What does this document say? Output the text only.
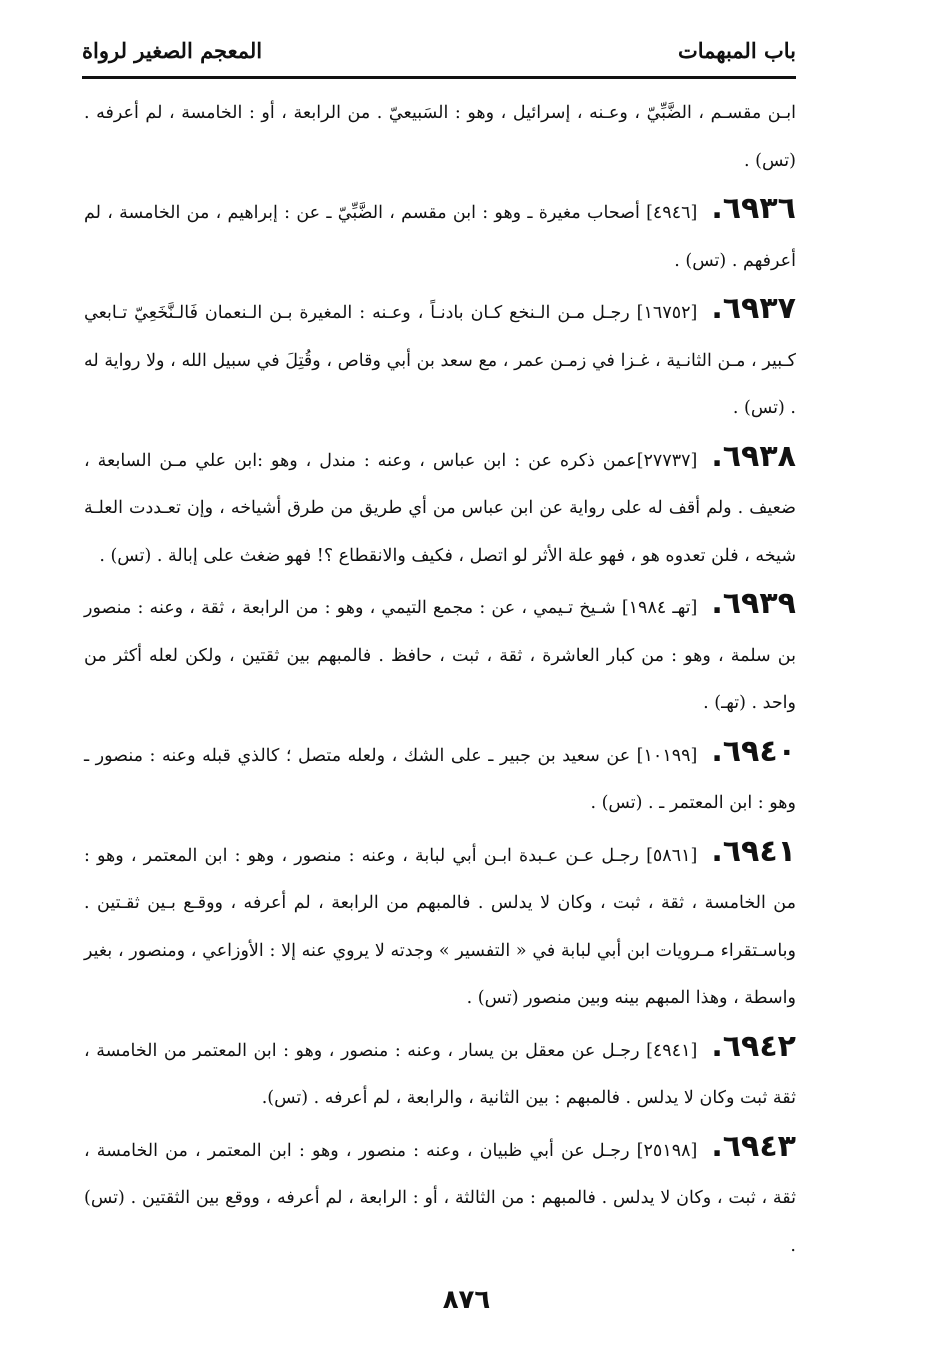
باب المبهمات
المعجم الصغير لرواة

ابـن مقسـم ، الضَّبِّيّ ، وعـنه ، إسرائيل ، وهو : السَبيعيّ . من الرابعة ، أو : الخامسة ، لم أعرفه . (تس) .

٦٩٣٦.[٤٩٤٦] أصحاب مغيرة ـ وهو : ابن مقسم ، الضَّبِّيّ ـ عن : إبراهيم ، من الخامسة ، لم أعرفهم . (تس) .

٦٩٣٧.[١٦٧٥٢] رجـل مـن الـنخع كـان بادنـاً ، وعـنه : المغيرة بـن الـنعمان فَالـنَّخَعِيّ تـابعي كـبير ، مـن الثانـية ، غـزا في زمـن عمر ، مع سعد بن أبي وقاص ، وقُتِلَ في سبيل الله ، ولا رواية له . (تس) .

٦٩٣٨.[٢٧٧٣٧]عمن ذكره عن : ابن عباس ، وعنه : مندل ، وهو :ابن علي مـن السابعة ، ضعيف . ولم أقف له على رواية عن ابن عباس من أي طريق من طرق أشياخه ، وإن تعـددت العلـة شيخه ، فلن تعدوه هو ، فهو علة الأثر لو اتصل ، فكيف والانقطاع ؟! فهو ضغث على إبالة . (تس) .

٦٩٣٩.[تهـ ١٩٨٤] شـيخ تـيمي ، عن : مجمع التيمي ، وهو : من الرابعة ، ثقة ، وعنه : منصور بن سلمة ، وهو : من كبار العاشرة ، ثقة ، ثبت ، حافظ . فالمبهم بين ثقتين ، ولكن لعله أكثر من واحد . (تهـ) .

٦٩٤٠.[١٠١٩٩] عن سعيد بن جبير ـ على الشك ، ولعله متصل ؛ كالذي قبله وعنه : منصور ـ وهو : ابن المعتمر ـ . (تس) .

٦٩٤١.[٥٨٦١] رجـل عـن عـبدة ابـن أبي لبابة ، وعنه : منصور ، وهو : ابن المعتمر ، وهو : من الخامسة ، ثقة ، ثبت ، وكان لا يدلس . فالمبهم من الرابعة ، لم أعرفه ، ووقـع بـين ثقـتين . وباسـتقراء مـرويات ابن أبي لبابة في « التفسير » وجدته لا يروي عنه إلا : الأوزاعي ، ومنصور ، بغير واسطة ، وهذا المبهم بينه وبين منصور (تس) .

٦٩٤٢.[٤٩٤١] رجـل عن معقل بن يسار ، وعنه : منصور ، وهو : ابن المعتمر من الخامسة ، ثقة ثبت وكان لا يدلس . فالمبهم : بين الثانية ، والرابعة ، لم أعرفه . (تس).

٦٩٤٣.[٢٥١٩٨] رجـل عن أبي ظبيان ، وعنه : منصور ، وهو : ابن المعتمر ، من الخامسة ، ثقة ، ثبت ، وكان لا يدلس . فالمبهم : من الثالثة ، أو : الرابعة ، لم أعرفه ، ووقع بين الثقتين . (تس) .

٨٧٦
